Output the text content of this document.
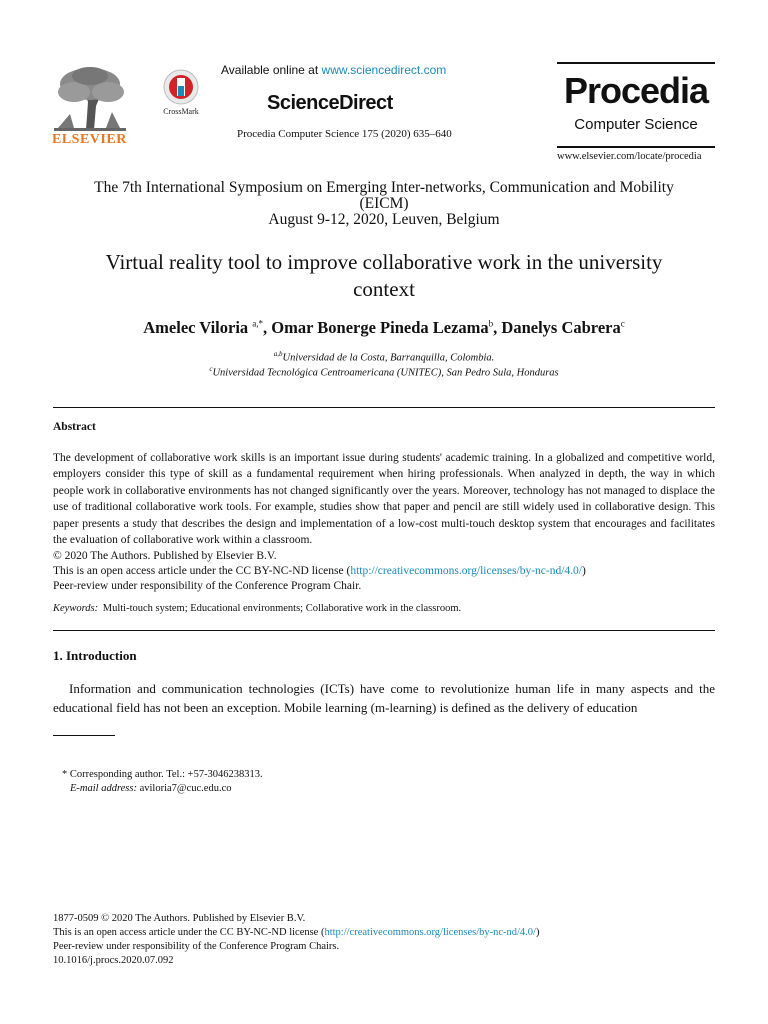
ELSEVIER
CrossMark
Available online at www.sciencedirect.com
ScienceDirect
Procedia Computer Science 175 (2020) 635–640
Procedia
Computer Science
www.elsevier.com/locate/procedia
The 7th International Symposium on Emerging Inter-networks, Communication and Mobility
(EICM)
August 9-12, 2020, Leuven, Belgium
Virtual reality tool to improve collaborative work in the university
context
Amelec Viloria $^{a,*}$, Omar Bonerge Pineda Lezama$^b$, Danelys Cabrera$^c$
$^{a,b}$Universidad de la Costa, Barranquilla, Colombia.
$^c$Universidad Tecnológica Centroamericana (UNITEC), San Pedro Sula, Honduras
Abstract
The development of collaborative work skills is an important issue during students' academic training. In a globalized and competitive world, employers consider this type of skill as a fundamental requirement when hiring professionals. When analyzed in depth, the way in which people work in collaborative environments has not changed significantly over the years. Moreover, technology has not managed to displace the use of traditional collaborative work tools. For example, studies show that paper and pencil are still widely used in collaborative design. This paper presents a study that describes the design and implementation of a low-cost multi-touch desktop system that encourages and facilitates the evaluation of collaborative work within a classroom.
© 2020 The Authors. Published by Elsevier B.V.
This is an open access article under the CC BY-NC-ND license (http://creativecommons.org/licenses/by-nc-nd/4.0/)
Peer-review under responsibility of the Conference Program Chair.
Keywords: Multi-touch system; Educational environments; Collaborative work in the classroom.
1. Introduction
Information and communication technologies (ICTs) have come to revolutionize human life in many aspects and the educational field has not been an exception. Mobile learning (m-learning) is defined as the delivery of education
* Corresponding author. Tel.: +57-3046238313.
E-mail address: aviloria7@cuc.edu.co
1877-0509 © 2020 The Authors. Published by Elsevier B.V.
This is an open access article under the CC BY-NC-ND license (http://creativecommons.org/licenses/by-nc-nd/4.0/)
Peer-review under responsibility of the Conference Program Chairs.
10.1016/j.procs.2020.07.092
